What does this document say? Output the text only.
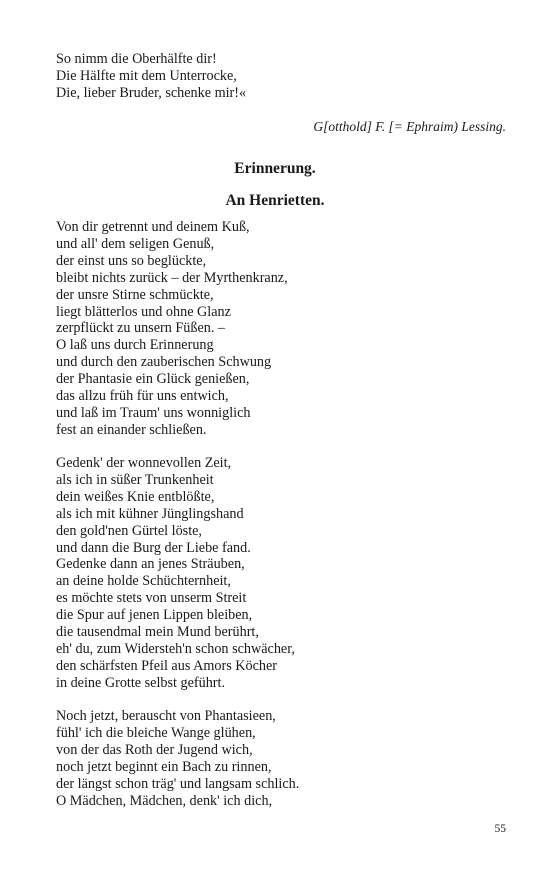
So nimm die Oberhälfte dir!
Die Hälfte mit dem Unterrocke,
Die, lieber Bruder, schenke mir!«
G[otthold] F. [= Ephraim) Lessing.
Erinnerung.
An Henrietten.
Von dir getrennt und deinem Kuß,
und all' dem seligen Genuß,
der einst uns so beglückte,
bleibt nichts zurück – der Myrthenkranz,
der unsre Stirne schmückte,
liegt blätterlos und ohne Glanz
zerpflückt zu unsern Füßen. –
O laß uns durch Erinnerung
und durch den zauberischen Schwung
der Phantasie ein Glück genießen,
das allzu früh für uns entwich,
und laß im Traum' uns wonniglich
fest an einander schließen.
Gedenk' der wonnevollen Zeit,
als ich in süßer Trunkenheit
dein weißes Knie entblößte,
als ich mit kühner Jünglingshand
den gold'nen Gürtel löste,
und dann die Burg der Liebe fand.
Gedenke dann an jenes Sträuben,
an deine holde Schüchternheit,
es möchte stets von unserm Streit
die Spur auf jenen Lippen bleiben,
die tausendmal mein Mund berührt,
eh' du, zum Widersteh'n schon schwächer,
den schärfsten Pfeil aus Amors Köcher
in deine Grotte selbst geführt.
Noch jetzt, berauscht von Phantasieen,
fühl' ich die bleiche Wange glühen,
von der das Roth der Jugend wich,
noch jetzt beginnt ein Bach zu rinnen,
der längst schon träg' und langsam schlich.
O Mädchen, Mädchen, denk' ich dich,
55
